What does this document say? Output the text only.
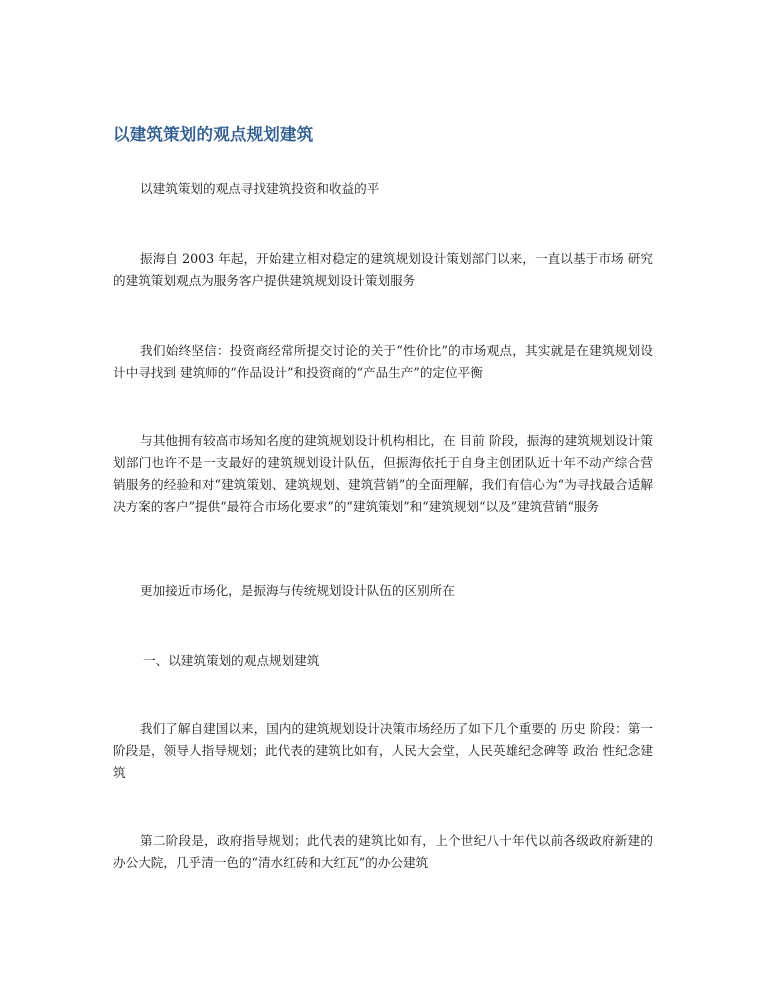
以建筑策划的观点规划建筑

以建筑策划的观点寻找建筑投资和收益的平

振海自 2003 年起，开始建立相对稳定的建筑规划设计策划部门以来，一直以基于市场 研究 的建筑策划观点为服务客户提供建筑规划设计策划服务

我们始终坚信：投资商经常所提交讨论的关于“性价比”的市场观点，其实就是在建筑规划设计中寻找到 建筑师的“作品设计”和投资商的“产品生产”的定位平衡

与其他拥有较高市场知名度的建筑规划设计机构相比，在 目前 阶段，振海的建筑规划设计策划部门也许不是一支最好的建筑规划设计队伍，但振海依托于自身主创团队近十年不动产综合营销服务的经验和对“建筑策划、建筑规划、建筑营销”的全面理解，我们有信心为“为寻找最合适解决方案的客户”提供“最符合市场化要求”的“建筑策划”和“建筑规划“以及”建筑营销“服务

更加接近市场化，是振海与传统规划设计队伍的区别所在

一、以建筑策划的观点规划建筑

我们了解自建国以来，国内的建筑规划设计决策市场经历了如下几个重要的 历史 阶段：第一阶段是，领导人指导规划；此代表的建筑比如有，人民大会堂，人民英雄纪念碑等 政治 性纪念建筑

第二阶段是，政府指导规划；此代表的建筑比如有，上个世纪八十年代以前各级政府新建的办公大院，几乎清一色的“清水红砖和大红瓦”的办公建筑
